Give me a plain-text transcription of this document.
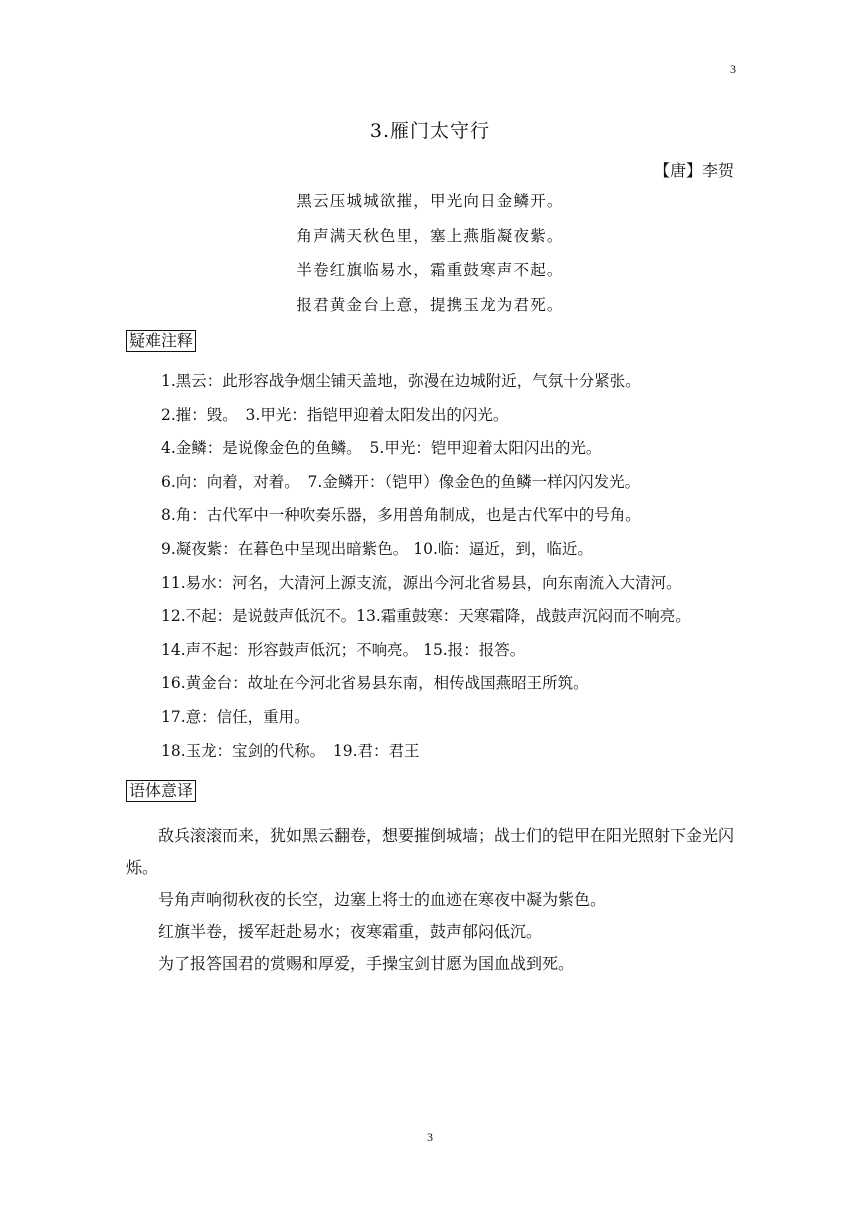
3
3.雁门太守行
【唐】李贺
黑云压城城欲摧，甲光向日金鳞开。
角声满天秋色里，塞上燕脂凝夜紫。
半卷红旗临易水，霜重鼓寒声不起。
报君黄金台上意，提携玉龙为君死。
疑难注释
1.黑云：此形容战争烟尘铺天盖地，弥漫在边城附近，气氛十分紧张。
2.摧：毁。　3.甲光：指铠甲迎着太阳发出的闪光。
4.金鳞：是说像金色的鱼鳞。　5.甲光：铠甲迎着太阳闪出的光。
6.向：向着，对着。　7.金鳞开：（铠甲）像金色的鱼鳞一样闪闪发光。
8.角：古代军中一种吹奏乐器，多用兽角制成，也是古代军中的号角。
9.凝夜紫：在暮色中呈现出暗紫色。 10.临：逼近，到，临近。
11.易水：河名，大清河上源支流，源出今河北省易县，向东南流入大清河。
12.不起：是说鼓声低沉不。13.霜重鼓寒：天寒霜降，战鼓声沉闷而不响亮。
14.声不起：形容鼓声低沉；不响亮。 15.报：报答。
16.黄金台：故址在今河北省易县东南，相传战国燕昭王所筑。
17.意：信任，重用。
18.玉龙：宝剑的代称。　19.君：君王
语体意译

敌兵滚滚而来，犹如黑云翻卷，想要摧倒城墙；战士们的铠甲在阳光照射下金光闪烁。

号角声响彻秋夜的长空，边塞上将士的血迹在寒夜中凝为紫色。

红旗半卷，援军赶赴易水；夜寒霜重，鼓声郁闷低沉。

为了报答国君的赏赐和厚爱，手操宝剑甘愿为国血战到死。

3
